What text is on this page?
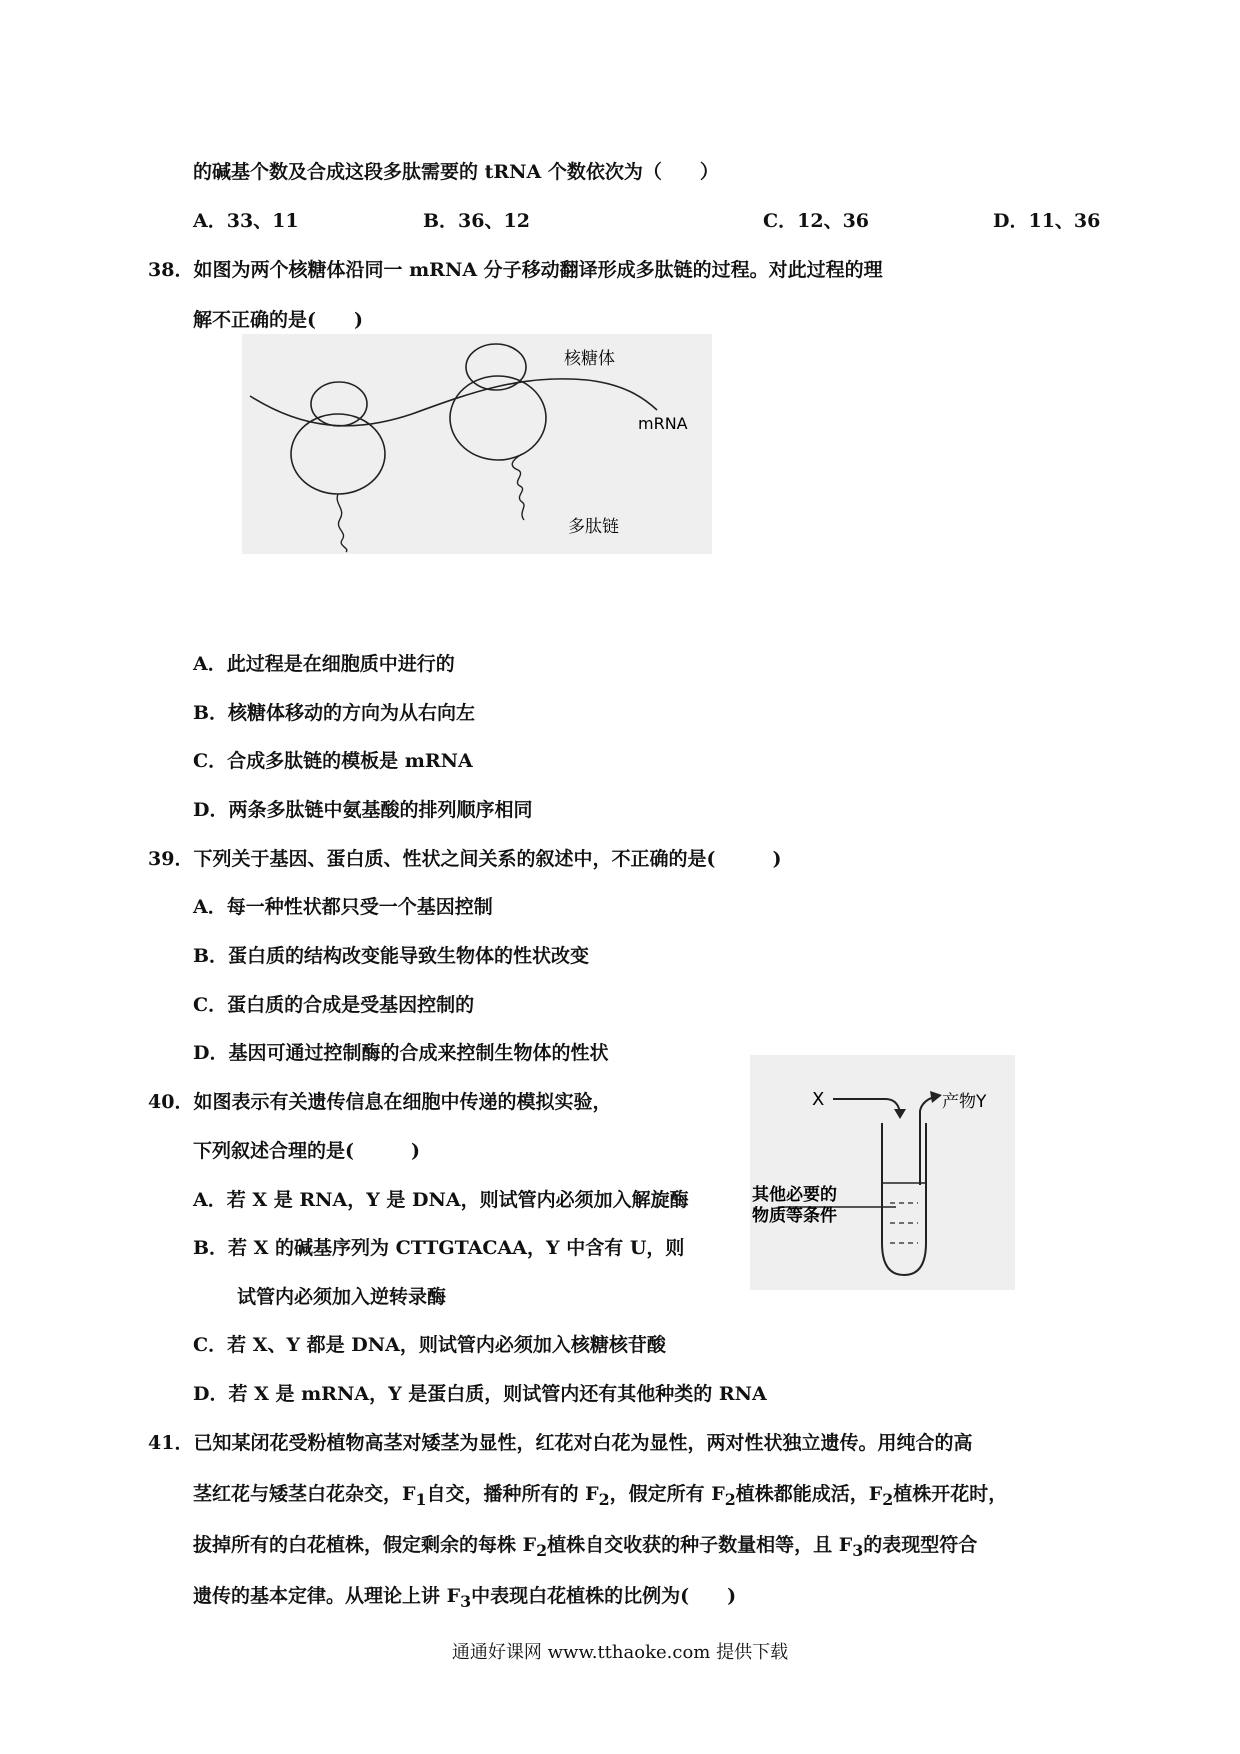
的碱基个数及合成这段多肽需要的 tRNA 个数依次为（　　）
A．33、11	B．36、12	C．12、36	D．11、36
38．如图为两个核糖体沿同一 mRNA 分子移动翻译形成多肽链的过程。对此过程的理
解不正确的是(　　)
核糖体
mRNA
多肽链
A．此过程是在细胞质中进行的
B．核糖体移动的方向为从右向左
C．合成多肽链的模板是 mRNA
D．两条多肽链中氨基酸的排列顺序相同
39．下列关于基因、蛋白质、性状之间关系的叙述中，不正确的是(　　　)
A．每一种性状都只受一个基因控制
B．蛋白质的结构改变能导致生物体的性状改变
C．蛋白质的合成是受基因控制的
D．基因可通过控制酶的合成来控制生物体的性状
X	产物Y
其他必要的
物质等条件
40．如图表示有关遗传信息在细胞中传递的模拟实验，
下列叙述合理的是(　　　)
A．若 X 是 RNA，Y 是 DNA，则试管内必须加入解旋酶
B．若 X 的碱基序列为 CTTGTACAA，Y 中含有 U，则
试管内必须加入逆转录酶
C．若 X、Y 都是 DNA，则试管内必须加入核糖核苷酸
D．若 X 是 mRNA，Y 是蛋白质，则试管内还有其他种类的 RNA
41．已知某闭花受粉植物高茎对矮茎为显性，红花对白花为显性，两对性状独立遗传。用纯合的高
茎红花与矮茎白花杂交，$F_1$自交，播种所有的 $F_2$，假定所有 $F_2$植株都能成活，$F_2$植株开花时，
拔掉所有的白花植株，假定剩余的每株 $F_2$植株自交收获的种子数量相等，且 $F_3$的表现型符合
遗传的基本定律。从理论上讲 $F_3$中表现白花植株的比例为(　　)
通通好课网 www.tthaoke.com 提供下载
